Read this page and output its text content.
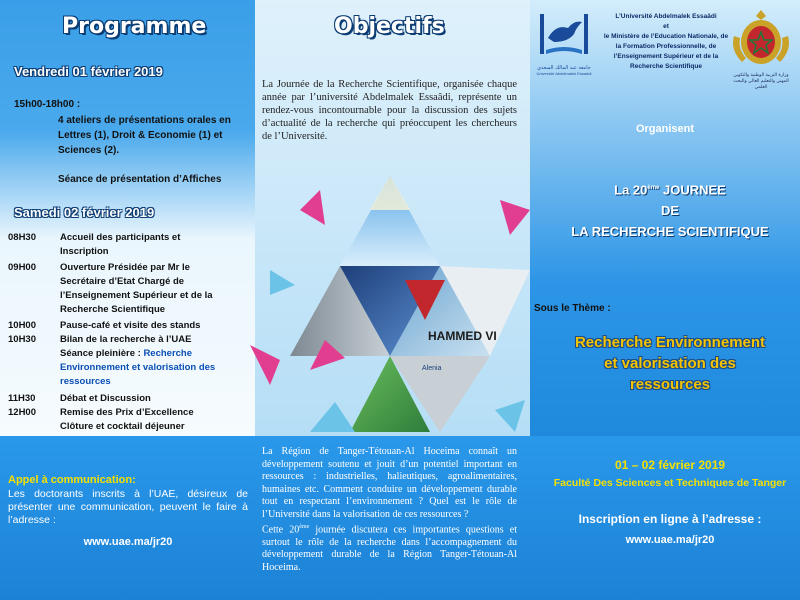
Programme	Objectifs
Vendredi 01 février 2019
15h00-18h00 :
4 ateliers de présentations orales en
Lettres (1), Droit & Economie (1) et
Sciences (2).
Séance de présentation d’Affiches
Samedi 02 février 2019
08H30	Accueil des participants et
Inscription
09H00	Ouverture Présidée par Mr le
Secrétaire d’Etat Chargé de
l’Enseignement Supérieur et de la
Recherche Scientifique
10H00	Pause-café et visite des stands
10H30	Bilan de la recherche à l’UAE
Séance pleinière : Recherche
Environnement et valorisation des
ressources
11H30	Débat et Discussion
12H00	Remise des Prix d’Excellence
Clôture et cocktail déjeuner
La Journée de la Recherche Scientifique, organisée chaque année par l’université Abdelmalek Essaâdi, représente un rendez-vous incontournable pour la discussion des sujets d’actualité de la recherche qui préoccupent les chercheurs de l’Université.
HAMMED VI
Alenia
La Région de Tanger-Tétouan-Al Hoceima connaît un développement soutenu et jouit d’un potentiel important en ressources : industrielles, halieutiques, agroalimentaires, humaines etc. Comment conduire un développement durable tout en respectant l’environnement ? Quel est le rôle de l’Université dans la valorisation de ces ressources ?
Cette 20ème journée discutera ces importantes questions et surtout le rôle de la recherche dans l’accompagnement du développement durable de la Région Tanger-Tétouan-Al Hoceima.
جامعة عبد المالك السعدي
Université Abdelmalek Essaâdi	وزارة التربية الوطنية والتكوين المهني والتعليم العالي والبحث العلمي
L’Université Abdelmalek Essaâdi
et
le Ministère de l’Education Nationale, de
la Formation Professionnelle, de
l’Enseignement Supérieur et de la
Recherche Scientifique
Organisent
La 20ème JOURNEE
DE
LA RECHERCHE SCIENTIFIQUE
Sous le Thème :
Recherche Environnement
et valorisation des
ressources
01 – 02 février 2019
Faculté Des Sciences et Techniques de Tanger
Inscription en ligne à l’adresse :
www.uae.ma/jr20
Appel à communication:
Les doctorants inscrits à l’UAE, désireux de présenter une communication, peuvent le faire à l’adresse :
www.uae.ma/jr20
